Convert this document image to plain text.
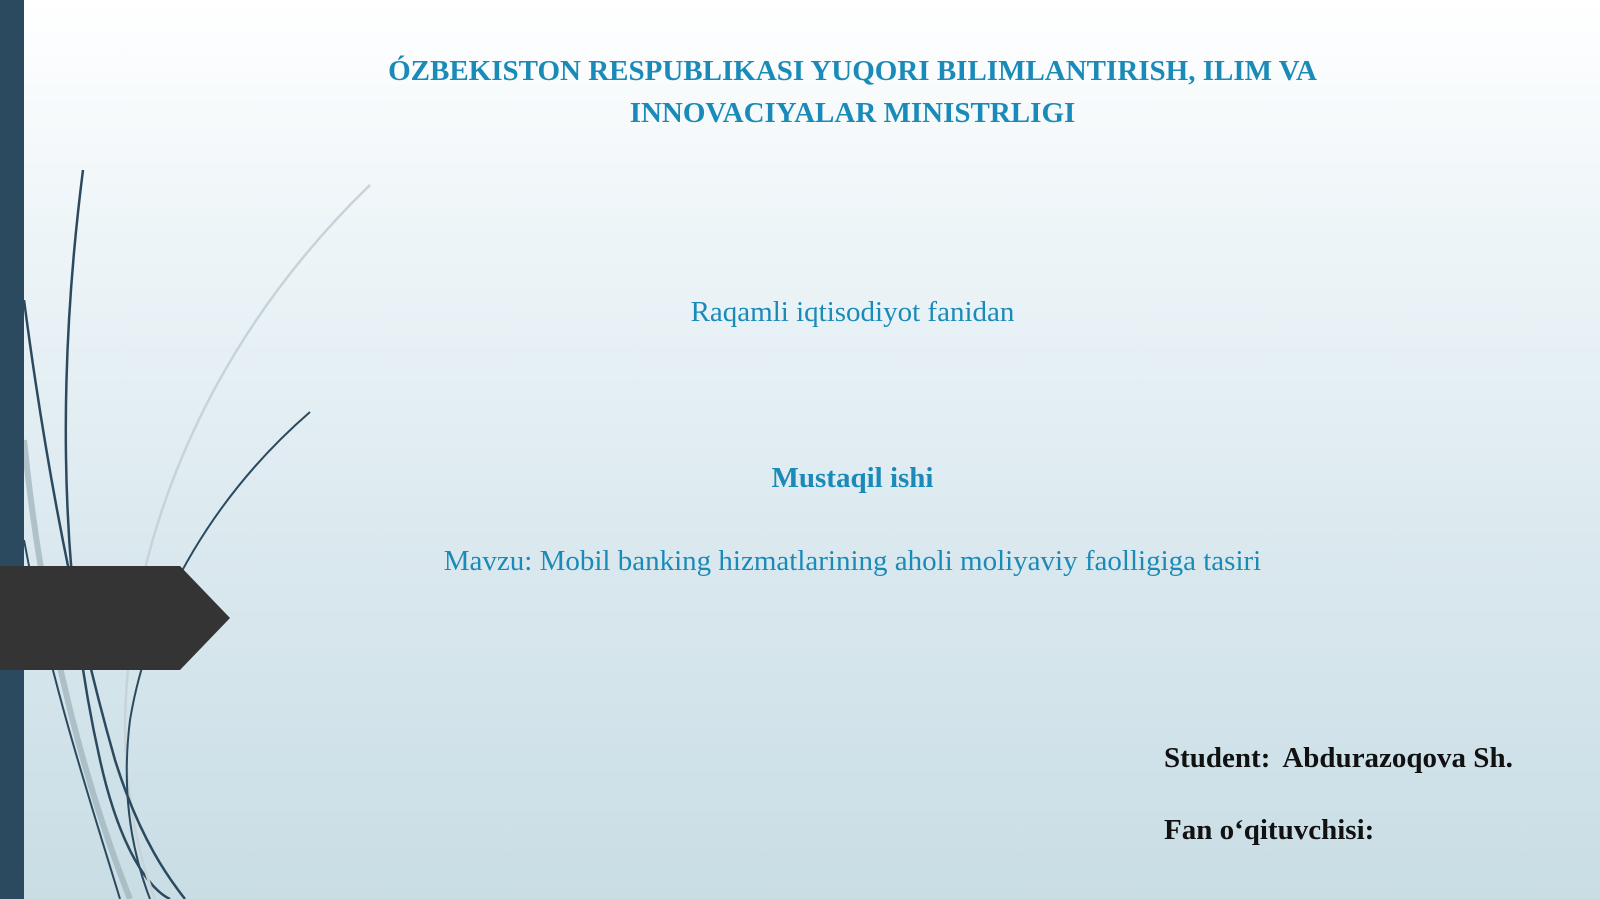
ÓZBEKISTON RESPUBLIKASI YUQORI BILIMLANTIRISH, ILIM VA
INNOVACIYALAR MINISTRLIGI
Raqamli iqtisodiyot fanidan
Mustaqil ishi
Mavzu: Mobil banking hizmatlarining aholi moliyaviy faolligiga tasiri
Student: Abdurazoqova Sh.
Fan o‘qituvchisi:
